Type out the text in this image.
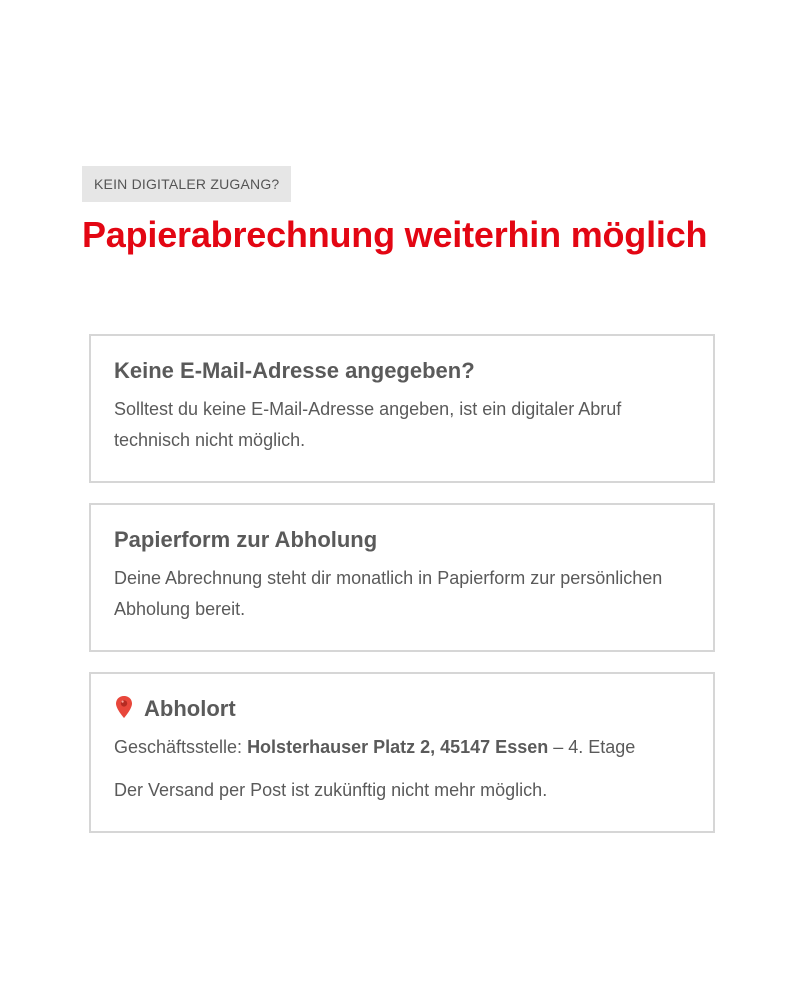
KEIN DIGITALER ZUGANG?
Papierabrechnung weiterhin möglich
Keine E-Mail-Adresse angegeben?

Solltest du keine E-Mail-Adresse angeben, ist ein digitaler Abruf technisch nicht möglich.

Papierform zur Abholung

Deine Abrechnung steht dir monatlich in Papierform zur persönlichen Abholung bereit.

Abholort

Geschäftsstelle: Holsterhauser Platz 2, 45147 Essen – 4. Etage

Der Versand per Post ist zukünftig nicht mehr möglich.
